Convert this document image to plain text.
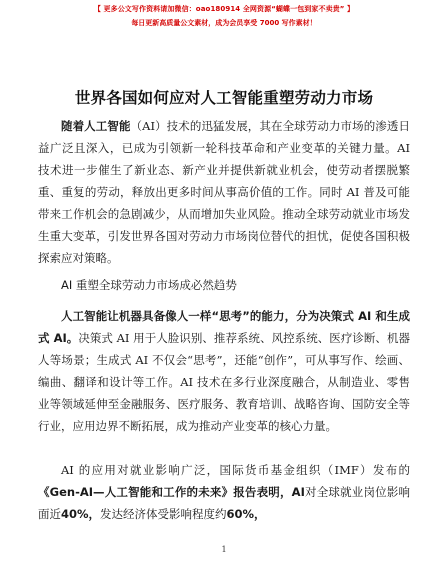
【 更多公文写作资料请加微信：oao180914 全网资源“蝴蝶一包到家不卖贵” 】
每日更新高质量公文素材，成为会员享受 7000 写作素材！
世界各国如何应对人工智能重塑劳动力市场

随着人工智能（AI）技术的迅猛发展，其在全球劳动力市场的渗透日益广泛且深入，已成为引领新一轮科技革命和产业变革的关键力量。AI 技术进一步催生了新业态、新产业并提供新就业机会，使劳动者摆脱繁重、重复的劳动，释放出更多时间从事高价值的工作。同时 AI 普及可能带来工作机会的急剧减少，从而增加失业风险。推动全球劳动就业市场发生重大变革，引发世界各国对劳动力市场岗位替代的担忧，促使各国积极探索应对策略。

AI 重塑全球劳动力市场成必然趋势

人工智能让机器具备像人一样“思考”的能力，分为决策式 AI 和生成式 AI。决策式 AI 用于人脸识别、推荐系统、风控系统、医疗诊断、机器人等场景；生成式 AI 不仅会“思考”，还能“创作”，可从事写作、绘画、编曲、翻译和设计等工作。AI 技术在多行业深度融合，从制造业、零售业等领域延伸至金融服务、医疗服务、教育培训、战略咨询、国防安全等行业，应用边界不断拓展，成为推动产业变革的核心力量。

AI 的应用对就业影响广泛，国际货币基金组织（IMF）发布的《Gen-AI—人工智能和工作的未来》报告表明，AI对全球就业岗位影响面近40%，发达经济体受影响程度约60%，

1
